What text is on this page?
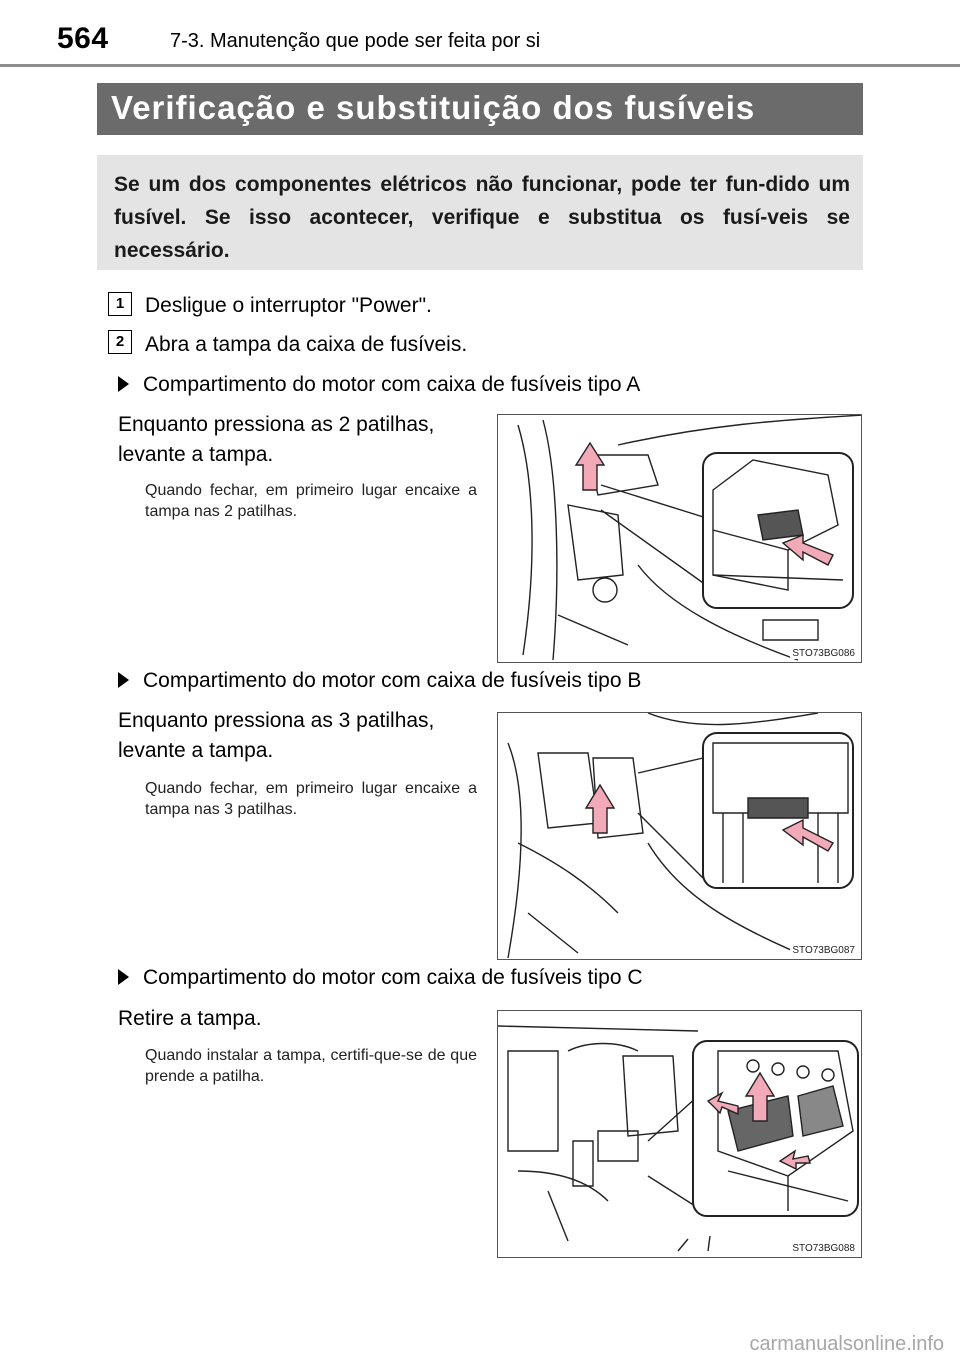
564	7-3. Manutenção que pode ser feita por si
Verificação e substituição dos fusíveis

Se um dos componentes elétricos não funcionar, pode ter fun-dido um fusível. Se isso acontecer, verifique e substitua os fusí-veis se necessário.

1 Desligue o interruptor "Power".
2 Abra a tampa da caixa de fusíveis.
Compartimento do motor com caixa de fusíveis tipo A
Enquanto pressiona as 2 patilhas, levante a tampa.
Quando fechar, em primeiro lugar encaixe a tampa nas 2 patilhas.
STO73BG086
Compartimento do motor com caixa de fusíveis tipo B
Enquanto pressiona as 3 patilhas, levante a tampa.
Quando fechar, em primeiro lugar encaixe a tampa nas 3 patilhas.
STO73BG087
Compartimento do motor com caixa de fusíveis tipo C
Retire a tampa.
Quando instalar a tampa, certifi-que-se de que prende a patilha.
STO73BG088
carmanualsonline.info
